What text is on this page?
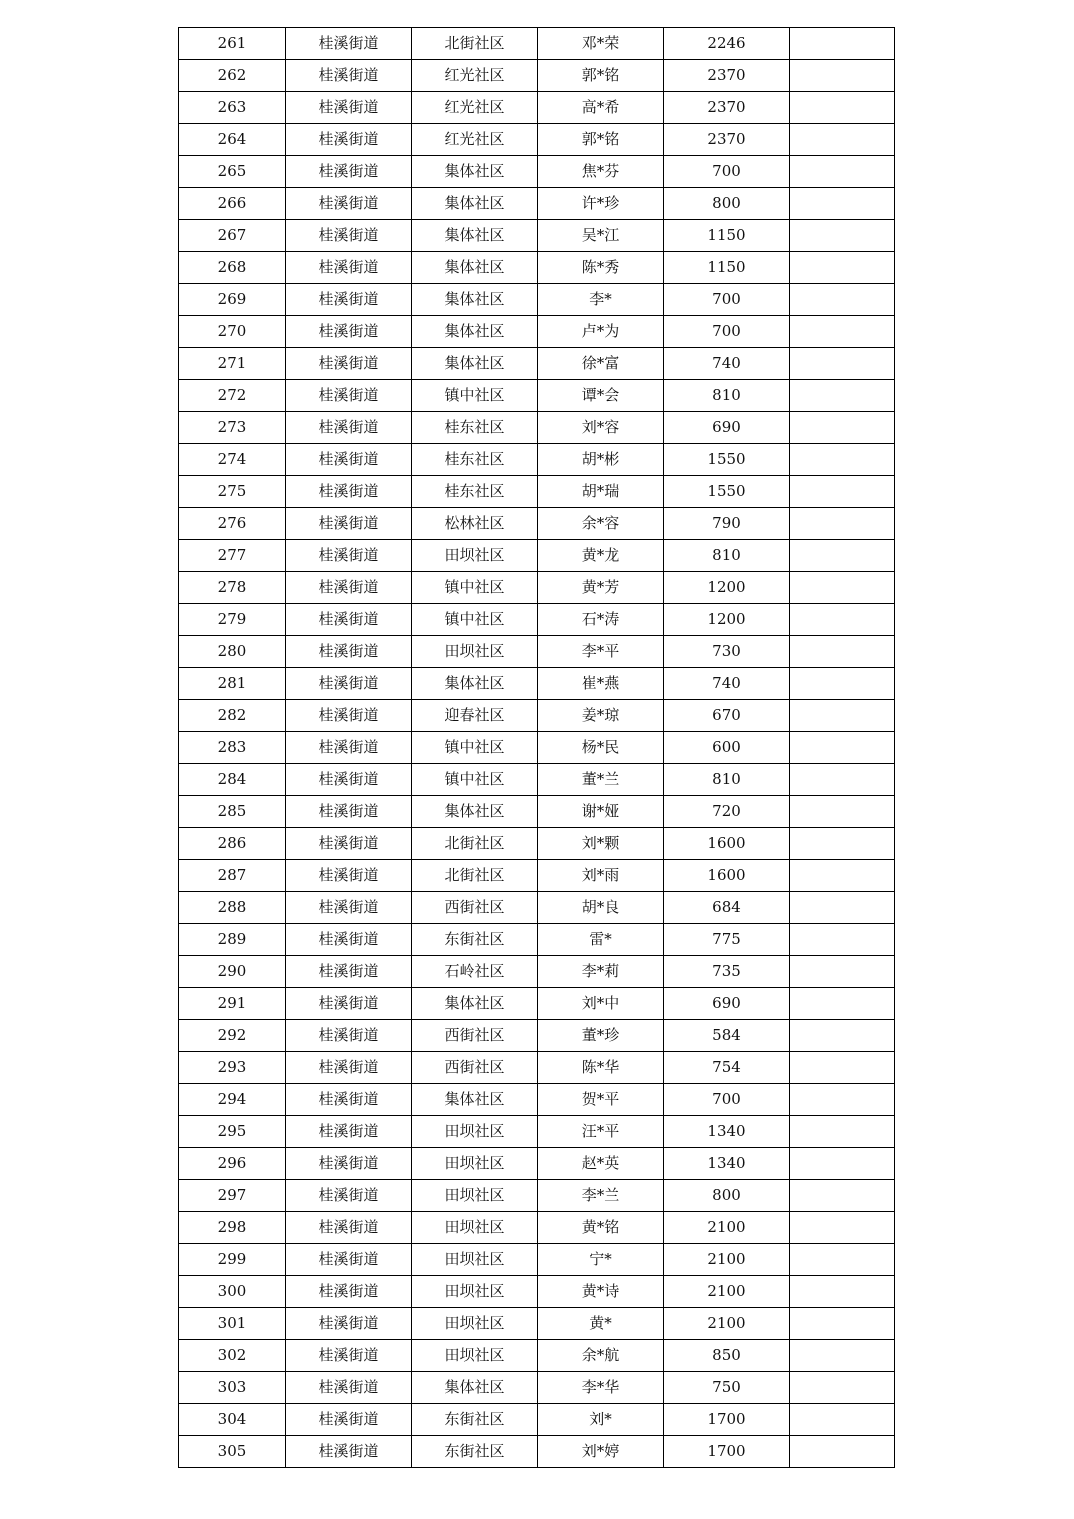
261	桂溪街道	北街社区	邓*荣	2246	
262	桂溪街道	红光社区	郭*铭	2370	
263	桂溪街道	红光社区	高*希	2370	
264	桂溪街道	红光社区	郭*铭	2370	
265	桂溪街道	集体社区	焦*芬	700	
266	桂溪街道	集体社区	许*珍	800	
267	桂溪街道	集体社区	吴*江	1150	
268	桂溪街道	集体社区	陈*秀	1150	
269	桂溪街道	集体社区	李*	700	
270	桂溪街道	集体社区	卢*为	700	
271	桂溪街道	集体社区	徐*富	740	
272	桂溪街道	镇中社区	谭*会	810	
273	桂溪街道	桂东社区	刘*容	690	
274	桂溪街道	桂东社区	胡*彬	1550	
275	桂溪街道	桂东社区	胡*瑞	1550	
276	桂溪街道	松林社区	余*容	790	
277	桂溪街道	田坝社区	黄*龙	810	
278	桂溪街道	镇中社区	黄*芳	1200	
279	桂溪街道	镇中社区	石*涛	1200	
280	桂溪街道	田坝社区	李*平	730	
281	桂溪街道	集体社区	崔*燕	740	
282	桂溪街道	迎春社区	姜*琼	670	
283	桂溪街道	镇中社区	杨*民	600	
284	桂溪街道	镇中社区	董*兰	810	
285	桂溪街道	集体社区	谢*娅	720	
286	桂溪街道	北街社区	刘*颗	1600	
287	桂溪街道	北街社区	刘*雨	1600	
288	桂溪街道	西街社区	胡*良	684	
289	桂溪街道	东街社区	雷*	775	
290	桂溪街道	石岭社区	李*莉	735	
291	桂溪街道	集体社区	刘*中	690	
292	桂溪街道	西街社区	董*珍	584	
293	桂溪街道	西街社区	陈*华	754	
294	桂溪街道	集体社区	贺*平	700	
295	桂溪街道	田坝社区	汪*平	1340	
296	桂溪街道	田坝社区	赵*英	1340	
297	桂溪街道	田坝社区	李*兰	800	
298	桂溪街道	田坝社区	黄*铭	2100	
299	桂溪街道	田坝社区	宁*	2100	
300	桂溪街道	田坝社区	黄*诗	2100	
301	桂溪街道	田坝社区	黄*	2100	
302	桂溪街道	田坝社区	余*航	850	
303	桂溪街道	集体社区	李*华	750	
304	桂溪街道	东街社区	刘*	1700	
305	桂溪街道	东街社区	刘*婷	1700	
